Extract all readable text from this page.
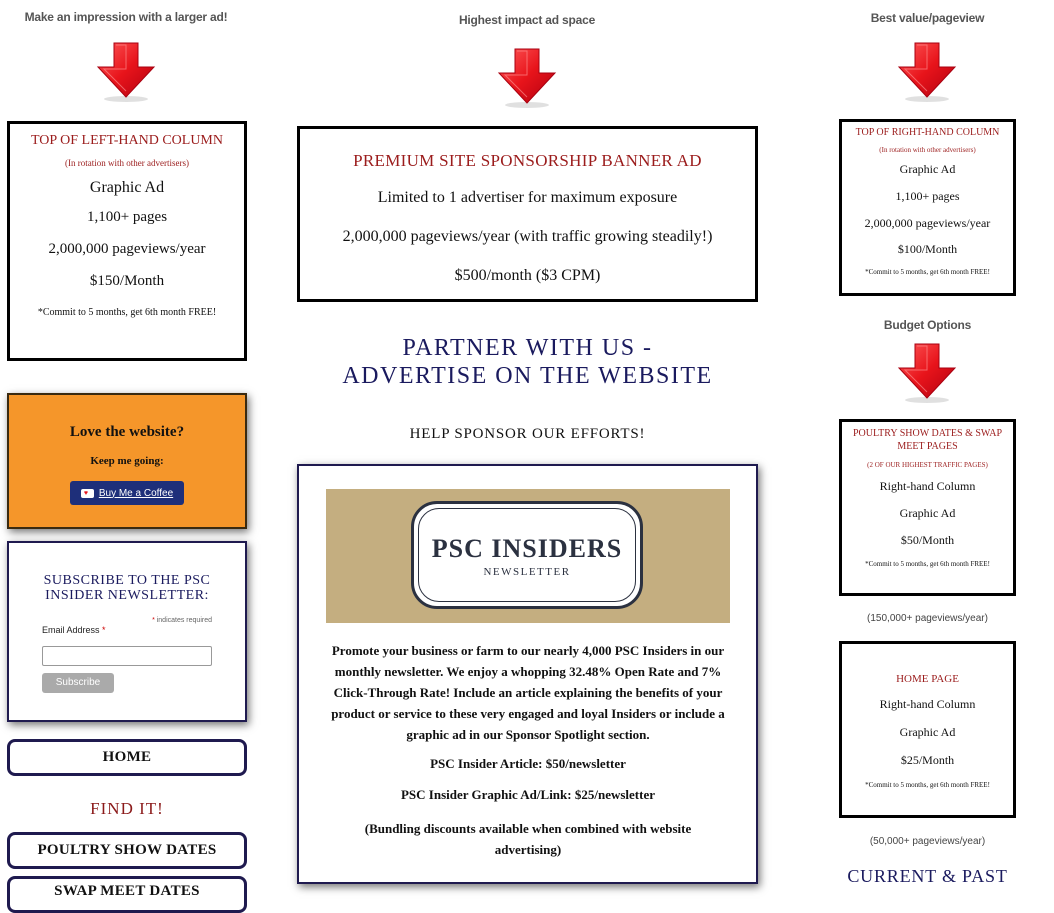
Make an impression with a larger ad!
TOP OF LEFT-HAND COLUMN
(In rotation with other advertisers)
Graphic Ad
1,100+ pages
2,000,000 pageviews/year
$150/Month
*Commit to 5 months, get 6th month FREE!
Love the website?
Keep me going:
♥ Buy Me a Coffee
SUBSCRIBE TO THE PSC INSIDER NEWSLETTER:
* indicates required
Email Address *
Subscribe
HOME
FIND IT!
POULTRY SHOW DATES
SWAP MEET DATES
Highest impact ad space
PREMIUM SITE SPONSORSHIP BANNER AD
Limited to 1 advertiser for maximum exposure
2,000,000 pageviews/year (with traffic growing steadily!)
$500/month ($3 CPM)
PARTNER WITH US -
ADVERTISE ON THE WEBSITE
HELP SPONSOR OUR EFFORTS!
PSC INSIDERS
NEWSLETTER
Promote your business or farm to our nearly 4,000 PSC Insiders in our monthly newsletter. We enjoy a whopping 32.48% Open Rate and 7% Click-Through Rate! Include an article explaining the benefits of your product or service to these very engaged and loyal Insiders or include a graphic ad in our Sponsor Spotlight section.
PSC Insider Article: $50/newsletter
PSC Insider Graphic Ad/Link: $25/newsletter
(Bundling discounts available when combined with website advertising)
Best value/pageview
TOP OF RIGHT-HAND COLUMN
(In rotation with other advertisers)
Graphic Ad
1,100+ pages
2,000,000 pageviews/year
$100/Month
*Commit to 5 months, get 6th month FREE!
Budget Options
POULTRY SHOW DATES & SWAP MEET PAGES
(2 OF OUR HIGHEST TRAFFIC PAGES)
Right-hand Column
Graphic Ad
$50/Month
*Commit to 5 months, get 6th month FREE!
(150,000+ pageviews/year)
HOME PAGE
Right-hand Column
Graphic Ad
$25/Month
*Commit to 5 months, get 6th month FREE!
(50,000+ pageviews/year)
CURRENT & PAST
